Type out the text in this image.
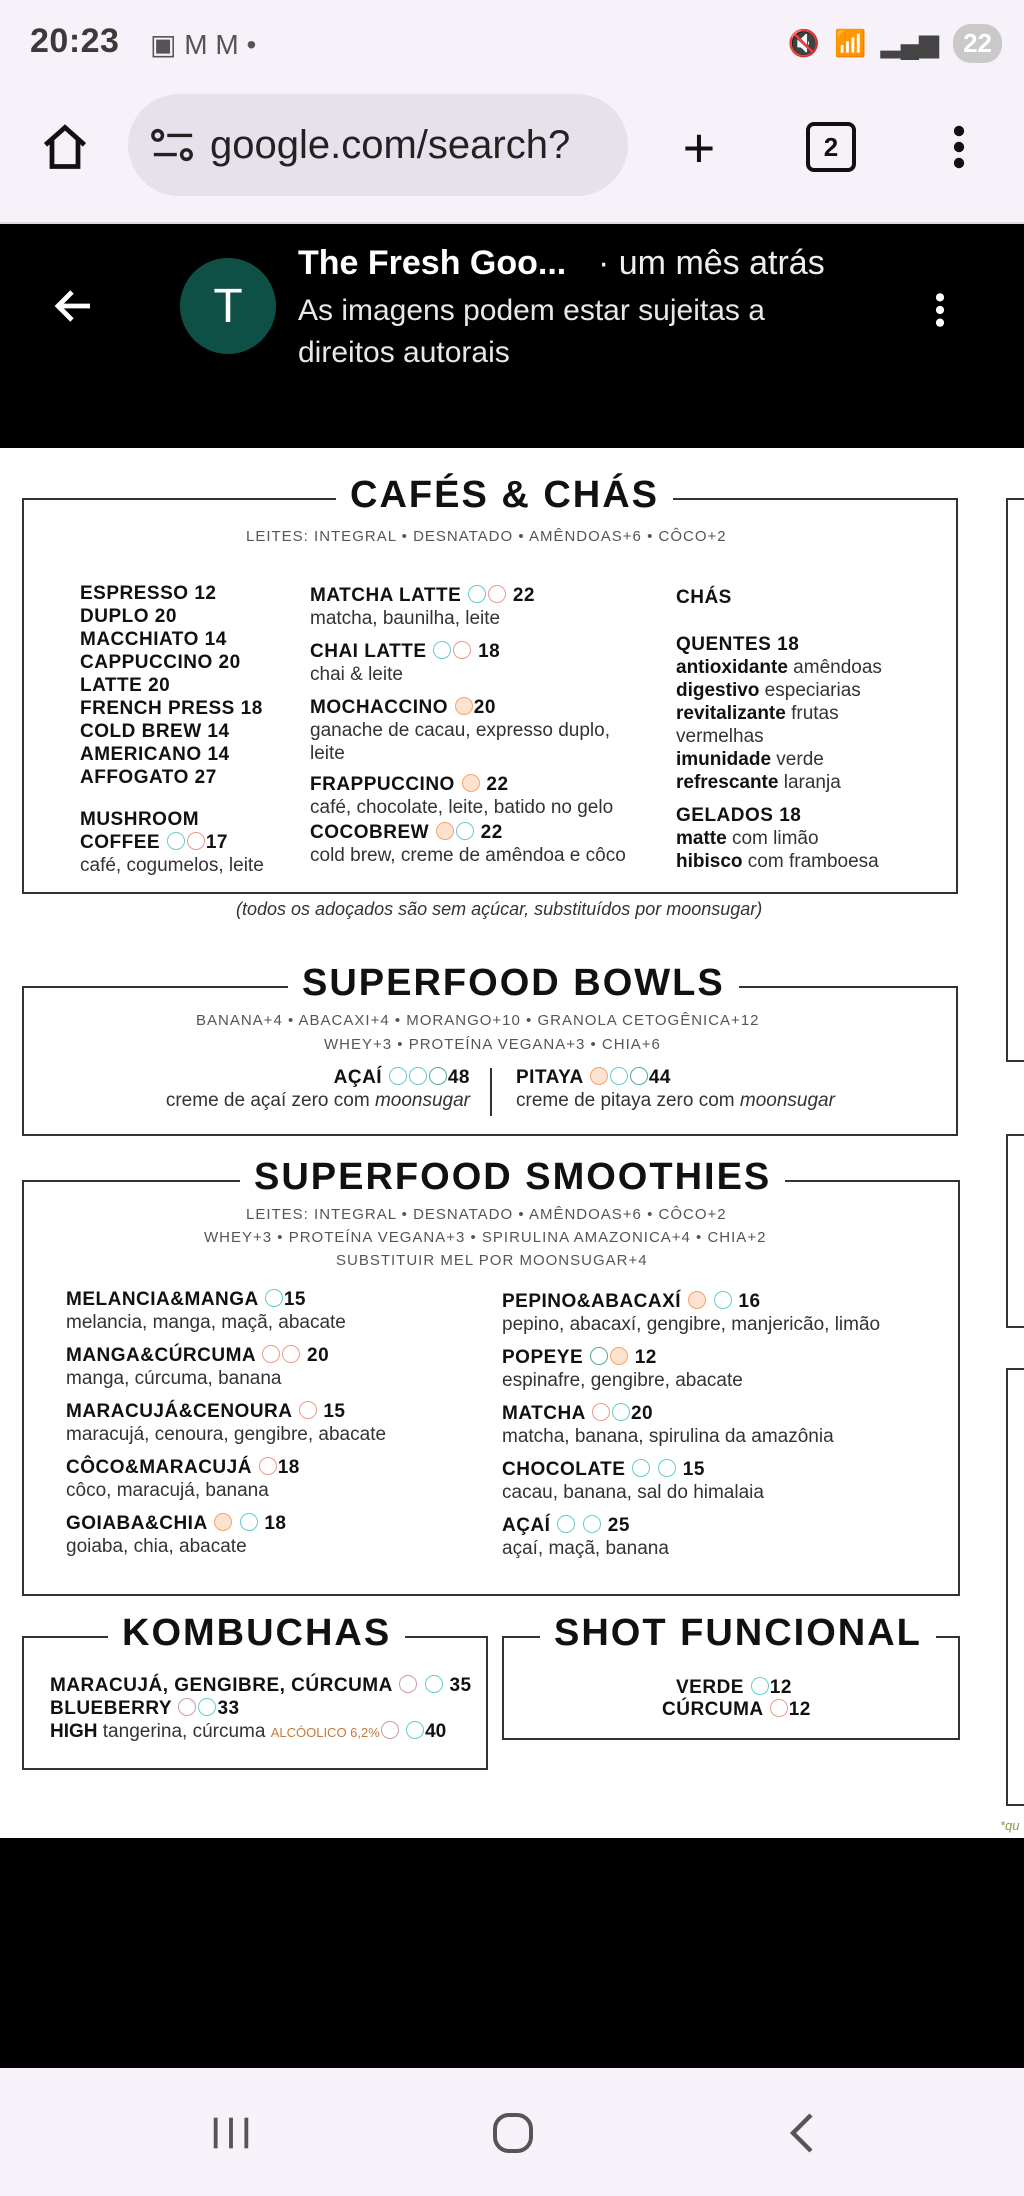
20:23 ▣ M M •	🔇 📶 ▂▄▆ 22
google.com/search?	+	2
T
The Fresh Goo... · um mês atrás
As imagens podem estar sujeitas a direitos autorais
CAFÉS & CHÁS
LEITES: INTEGRAL • DESNATADO • AMÊNDOAS+6 • CÔCO+2
ESPRESSO 12
DUPLO 20
MACCHIATO 14
CAPPUCCINO 20
LATTE 20
FRENCH PRESS 18
COLD BREW 14
AMERICANO 14
AFFOGATO 27
MUSHROOM
COFFEE 17
café, cogumelos, leite
MATCHA LATTE	22
matcha, baunilha, leite
CHAI LATTE	18
chai & leite
MOCHACCINO 20
ganache de cacau, expresso duplo,
leite
FRAPPUCCINO 22
café, chocolate, leite, batido no gelo
COCOBREW	22
cold brew, creme de amêndoa e côco
CHÁS
QUENTES 18
antioxidante amêndoas
digestivo especiarias
revitalizante frutas
vermelhas
imunidade verde
refrescante laranja
GELADOS 18
matte com limão
hibisco com framboesa
(todos os adoçados são sem açúcar, substituídos por moonsugar)
SUPERFOOD BOWLS
BANANA+4 • ABACAXI+4 • MORANGO+10 • GRANOLA CETOGÊNICA+12
WHEY+3 • PROTEÍNA VEGANA+3 • CHIA+6
AÇAÍ	48
creme de açaí zero com moonsugar
PITAYA	44
creme de pitaya zero com moonsugar
SUPERFOOD SMOOTHIES
LEITES: INTEGRAL • DESNATADO • AMÊNDOAS+6 • CÔCO+2
WHEY+3 • PROTEÍNA VEGANA+3 • SPIRULINA AMAZONICA+4 • CHIA+2
SUBSTITUIR MEL POR MOONSUGAR+4
MELANCIA&MANGA 15
melancia, manga, maçã, abacate
MANGA&CÚRCUMA	20
manga, cúrcuma, banana
MARACUJÁ&CENOURA 15
maracujá, cenoura, gengibre, abacate
CÔCO&MARACUJÁ 18
côco, maracujá, banana
GOIABA&CHIA	18
goiaba, chia, abacate
PEPINO&ABACAXÍ	16
pepino, abacaxí, gengibre, manjericão, limão
POPEYE	12
espinafre, gengibre, abacate
MATCHA 20
matcha, banana, spirulina da amazônia
CHOCOLATE	15
cacau, banana, sal do himalaia
AÇAÍ	25
açaí, maçã, banana
KOMBUCHAS
MARACUJÁ, GENGIBRE, CÚRCUMA	35
BLUEBERRY 33
HIGH tangerina, cúrcuma ALCÓOLICO 6,2% 40
SHOT FUNCIONAL
VERDE 12
CÚRCUMA 12
*qu
